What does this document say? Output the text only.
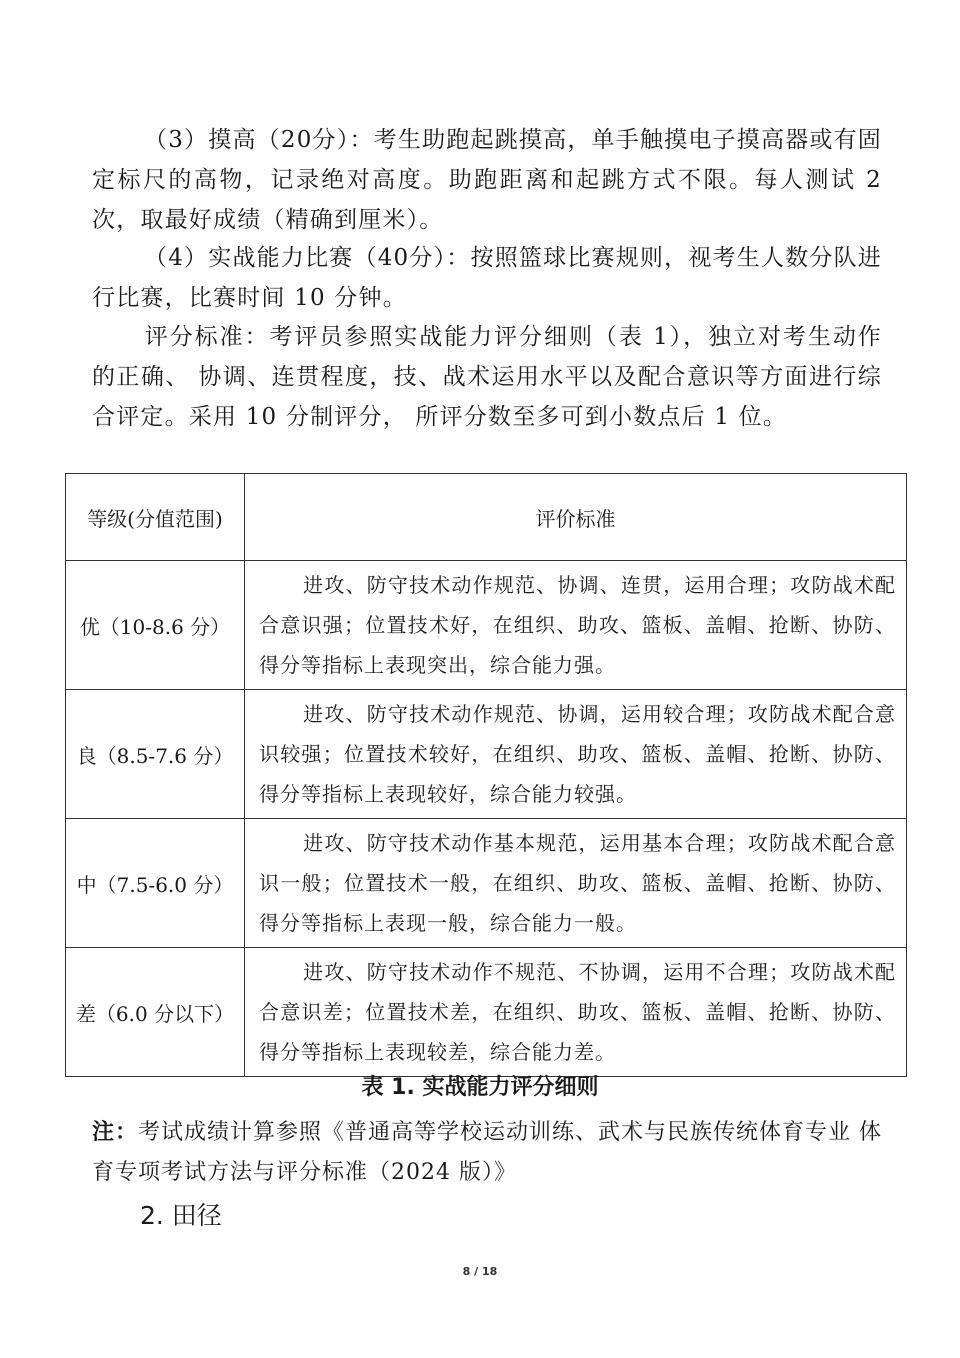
（3）摸高（20分）：考生助跑起跳摸高，单手触摸电子摸高器或有固定标尺的高物，记录绝对高度。助跑距离和起跳方式不限。每人测试 2 次，取最好成绩（精确到厘米）。
（4）实战能力比赛（40分）：按照篮球比赛规则，视考生人数分队进行比赛，比赛时间 10 分钟。
评分标准：考评员参照实战能力评分细则（表 1），独立对考生动作的正确、 协调、连贯程度，技、战术运用水平以及配合意识等方面进行综合评定。采用 10 分制评分， 所评分数至多可到小数点后 1 位。
等级(分值范围)	评价标准
优（10-8.6 分）	进攻、防守技术动作规范、协调、连贯，运用合理；攻防战术配合意识强；位置技术好，在组织、助攻、篮板、盖帽、抢断、协防、得分等指标上表现突出，综合能力强。
良（8.5-7.6 分）	进攻、防守技术动作规范、协调，运用较合理；攻防战术配合意识较强；位置技术较好，在组织、助攻、篮板、盖帽、抢断、协防、得分等指标上表现较好，综合能力较强。
中（7.5-6.0 分）	进攻、防守技术动作基本规范，运用基本合理；攻防战术配合意识一般；位置技术一般，在组织、助攻、篮板、盖帽、抢断、协防、得分等指标上表现一般，综合能力一般。
差（6.0 分以下）	进攻、防守技术动作不规范、不协调，运用不合理；攻防战术配合意识差；位置技术差，在组织、助攻、篮板、盖帽、抢断、协防、得分等指标上表现较差，综合能力差。
表 1. 实战能力评分细则
注：考试成绩计算参照《普通高等学校运动训练、武术与民族传统体育专业 体育专项考试方法与评分标准（2024 版）》
2. 田径
8 / 18
